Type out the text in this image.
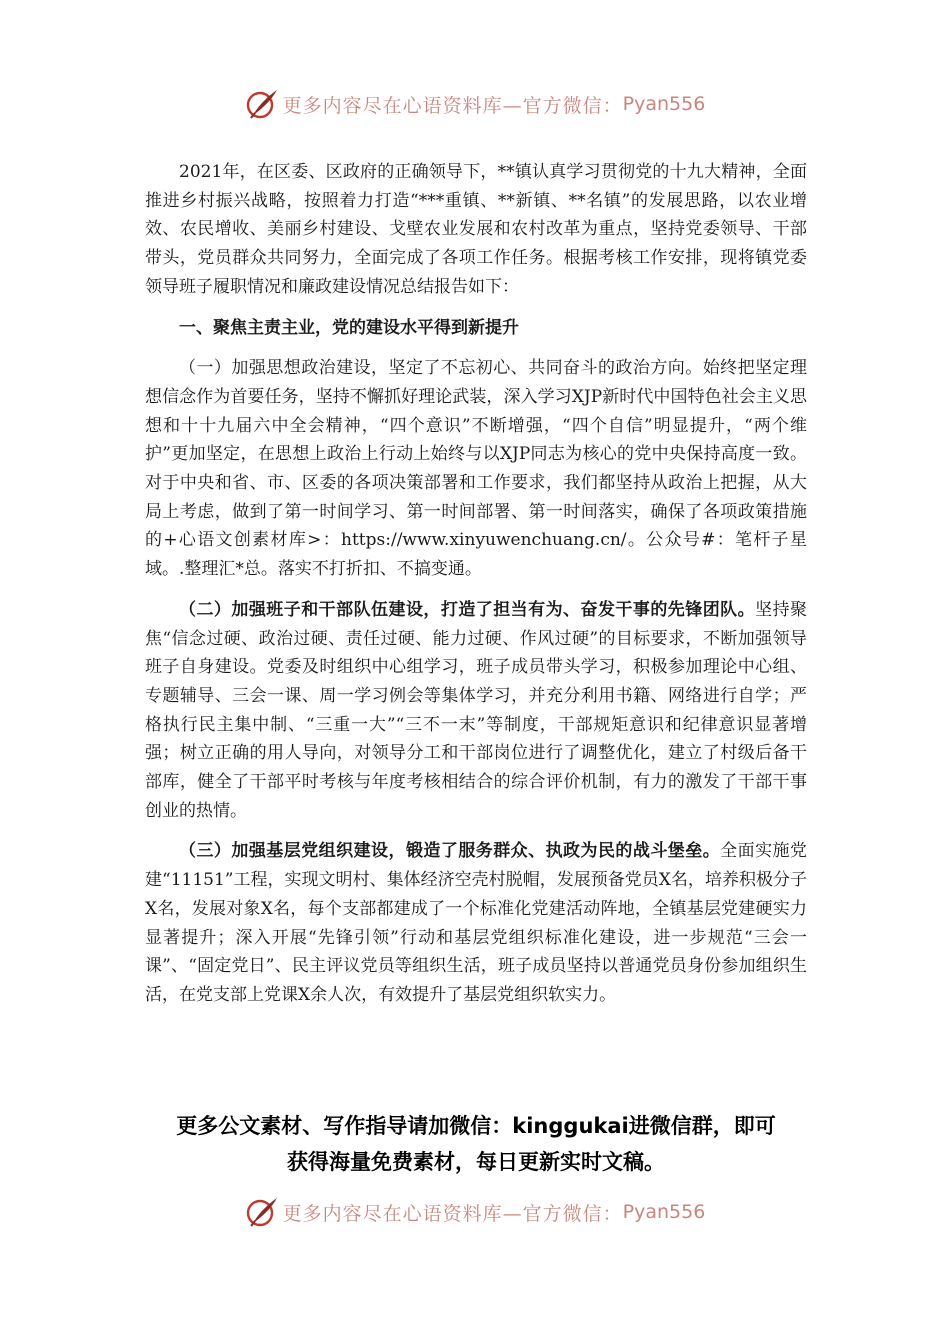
更多内容尽在心语资料库—官方微信： Pyan556

2021年，在区委、区政府的正确领导下，**镇认真学习贯彻党的十九大精神，全面推进乡村振兴战略，按照着力打造“***重镇、**新镇、**名镇”的发展思路，以农业增效、农民增收、美丽乡村建设、戈壁农业发展和农村改革为重点，坚持党委领导、干部带头，党员群众共同努力，全面完成了各项工作任务。根据考核工作安排，现将镇党委领导班子履职情况和廉政建设情况总结报告如下：

一、聚焦主责主业，党的建设水平得到新提升

（一）加强思想政治建设，坚定了不忘初心、共同奋斗的政治方向。始终把坚定理想信念作为首要任务，坚持不懈抓好理论武装，深入学习XJP新时代中国特色社会主义思想和十十九届六中全会精神，“四个意识”不断增强，“四个自信”明显提升，“两个维护”更加坚定，在思想上政治上行动上始终与以XJP同志为核心的党中央保持高度一致。对于中央和省、市、区委的各项决策部署和工作要求，我们都坚持从政治上把握，从大局上考虑，做到了第一时间学习、第一时间部署、第一时间落实，确保了各项政策措施的+心语文创素材库>：https://www.xinyuwenchuang.cn/。公众号#：笔杆子星域。.整理汇*总。落实不打折扣、不搞变通。

（二）加强班子和干部队伍建设，打造了担当有为、奋发干事的先锋团队。坚持聚焦“信念过硬、政治过硬、责任过硬、能力过硬、作风过硬”的目标要求，不断加强领导班子自身建设。党委及时组织中心组学习，班子成员带头学习，积极参加理论中心组、专题辅导、三会一课、周一学习例会等集体学习，并充分利用书籍、网络进行自学；严格执行民主集中制、“三重一大”“三不一末”等制度，干部规矩意识和纪律意识显著增强；树立正确的用人导向，对领导分工和干部岗位进行了调整优化，建立了村级后备干部库，健全了干部平时考核与年度考核相结合的综合评价机制，有力的激发了干部干事创业的热情。

（三）加强基层党组织建设，锻造了服务群众、执政为民的战斗堡垒。全面实施党建“11151”工程，实现文明村、集体经济空壳村脱帽，发展预备党员X名，培养积极分子X名，发展对象X名，每个支部都建成了一个标准化党建活动阵地，全镇基层党建硬实力显著提升；深入开展“先锋引领”行动和基层党组织标准化建设，进一步规范“三会一课”、“固定党日”、民主评议党员等组织生活，班子成员坚持以普通党员身份参加组织生活，在党支部上党课X余人次，有效提升了基层党组织软实力。

更多公文素材、写作指导请加微信：kinggukai进微信群，即可
获得海量免费素材，每日更新实时文稿。
更多内容尽在心语资料库—官方微信： Pyan556
